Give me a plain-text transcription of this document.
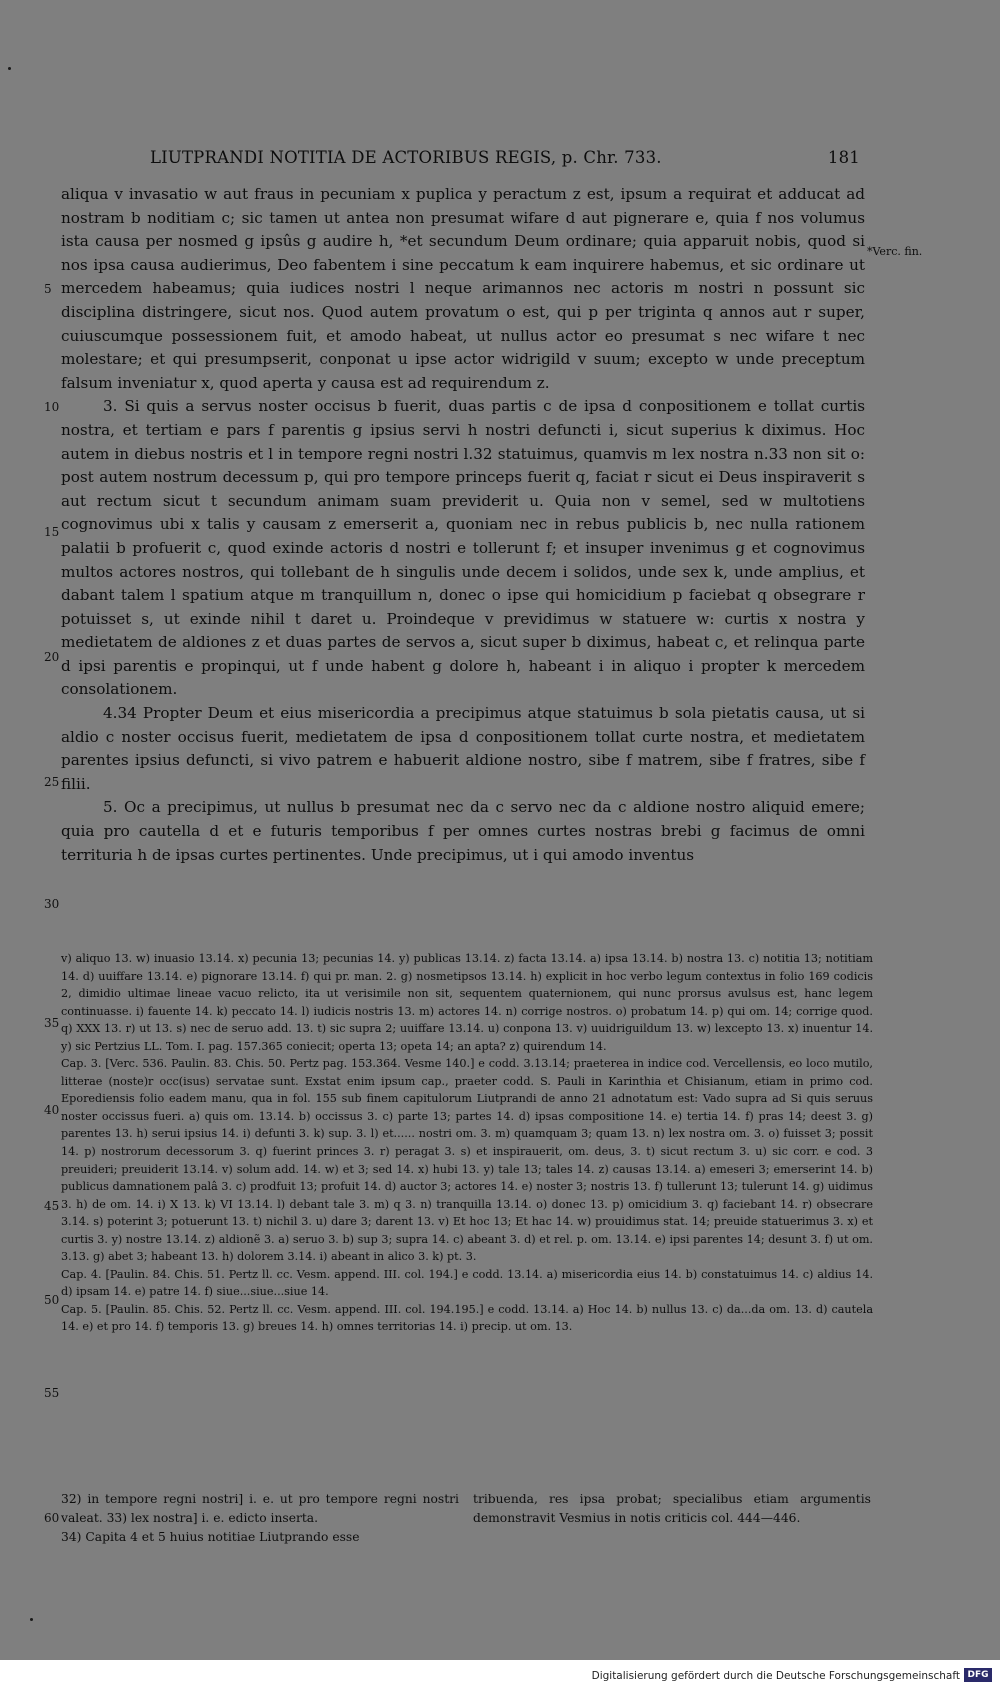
LIUTPRANDI NOTITIA DE ACTORIBUS REGIS, p. Chr. 733.	181
*Verc. fin.
5
10
15
20
25
30
35
40
45
50
55
60

aliqua v invasatio w aut fraus in pecuniam x puplica y peractum z est, ipsum a requirat et adducat ad nostram b noditiam c; sic tamen ut antea non presumat wifare d aut pignerare e, quia f nos volumus ista causa per nosmed g ipsûs g audire h, *et secundum Deum ordinare; quia apparuit nobis, quod si nos ipsa causa audierimus, Deo fabentem i sine peccatum k eam inquirere habemus, et sic ordinare ut mercedem habeamus; quia iudices nostri l neque arimannos nec actoris m nostri n possunt sic disciplina distringere, sicut nos. Quod autem provatum o est, qui p per triginta q annos aut r super, cuiuscumque possessionem fuit, et amodo habeat, ut nullus actor eo presumat s nec wifare t nec molestare; et qui presumpserit, conponat u ipse actor widrigild v suum; excepto w unde preceptum falsum inveniatur x, quod aperta y causa est ad requirendum z.

3. Si quis a servus noster occisus b fuerit, duas partis c de ipsa d conpositionem e tollat curtis nostra, et tertiam e pars f parentis g ipsius servi h nostri defuncti i, sicut superius k diximus. Hoc autem in diebus nostris et l in tempore regni nostri l.32 statuimus, quamvis m lex nostra n.33 non sit o: post autem nostrum decessum p, qui pro tempore princeps fuerit q, faciat r sicut ei Deus inspiraverit s aut rectum sicut t secundum animam suam previderit u. Quia non v semel, sed w multotiens cognovimus ubi x talis y causam z emerserit a, quoniam nec in rebus publicis b, nec nulla rationem palatii b profuerit c, quod exinde actoris d nostri e tollerunt f; et insuper invenimus g et cognovimus multos actores nostros, qui tollebant de h singulis unde decem i solidos, unde sex k, unde amplius, et dabant talem l spatium atque m tranquillum n, donec o ipse qui homicidium p faciebat q obsegrare r potuisset s, ut exinde nihil t daret u. Proindeque v previdimus w statuere w: curtis x nostra y medietatem de aldiones z et duas partes de servos a, sicut super b diximus, habeat c, et relinqua parte d ipsi parentis e propinqui, ut f unde habent g dolore h, habeant i in aliquo i propter k mercedem consolationem.

4.34 Propter Deum et eius misericordia a precipimus atque statuimus b sola pietatis causa, ut si aldio c noster occisus fuerit, medietatem de ipsa d conpositionem tollat curte nostra, et medietatem parentes ipsius defuncti, si vivo patrem e habuerit aldione nostro, sibe f matrem, sibe f fratres, sibe f filii.

5. Oc a precipimus, ut nullus b presumat nec da c servo nec da c aldione nostro aliquid emere; quia pro cautella d et e futuris temporibus f per omnes curtes nostras brebi g facimus de omni territuria h de ipsas curtes pertinentes. Unde precipimus, ut i qui amodo inventus

v) aliquo 13. w) inuasio 13.14. x) pecunia 13; pecunias 14. y) publicas 13.14. z) facta 13.14. a) ipsa 13.14. b) nostra 13. c) notitia 13; notitiam 14. d) uuiffare 13.14. e) pignorare 13.14. f) qui pr. man. 2. g) nosmetipsos 13.14. h) explicit in hoc verbo legum contextus in folio 169 codicis 2, dimidio ultimae lineae vacuo relicto, ita ut verisimile non sit, sequentem quaternionem, qui nunc prorsus avulsus est, hanc legem continuasse. i) fauente 14. k) peccato 14. l) iudicis nostris 13. m) actores 14. n) corrige nostros. o) probatum 14. p) qui om. 14; corrige quod. q) XXX 13. r) ut 13. s) nec de seruo add. 13. t) sic supra 2; uuiffare 13.14. u) conpona 13. v) uuidriguildum 13. w) lexcepto 13. x) inuentur 14. y) sic Pertzius LL. Tom. I. pag. 157.365 coniecit; operta 13; opeta 14; an apta? z) quirendum 14.

Cap. 3. [Verc. 536. Paulin. 83. Chis. 50. Pertz pag. 153.364. Vesme 140.] e codd. 3.13.14; praeterea in indice cod. Vercellensis, eo loco mutilo, litterae (noste)r occ(isus) servatae sunt. Exstat enim ipsum cap., praeter codd. S. Pauli in Karinthia et Chisianum, etiam in primo cod. Eporediensis folio eadem manu, qua in fol. 155 sub finem capitulorum Liutprandi de anno 21 adnotatum est: Vado supra ad Si quis seruus noster occissus fueri. a) quis om. 13.14. b) occissus 3. c) parte 13; partes 14. d) ipsas compositione 14. e) tertia 14. f) pras 14; deest 3. g) parentes 13. h) serui ipsius 14. i) defunti 3. k) sup. 3. l) et...... nostri om. 3. m) quamquam 3; quam 13. n) lex nostra om. 3. o) fuisset 3; possit 14. p) nostrorum decessorum 3. q) fuerint princes 3. r) peragat 3. s) et inspirauerit, om. deus, 3. t) sicut rectum 3. u) sic corr. e cod. 3 preuideri; preuiderit 13.14. v) solum add. 14. w) et 3; sed 14. x) hubi 13. y) tale 13; tales 14. z) causas 13.14. a) emeseri 3; emerserint 14. b) publicus damnationem palâ 3. c) prodfuit 13; profuit 14. d) auctor 3; actores 14. e) noster 3; nostris 13. f) tullerunt 13; tulerunt 14. g) uidimus 3. h) de om. 14. i) X 13. k) VI 13.14. l) debant tale 3. m) q 3. n) tranquilla 13.14. o) donec 13. p) omicidium 3. q) faciebant 14. r) obsecrare 3.14. s) poterint 3; potuerunt 13. t) nichil 3. u) dare 3; darent 13. v) Et hoc 13; Et hac 14. w) prouidimus stat. 14; preuide statuerimus 3. x) et curtis 3. y) nostre 13.14. z) aldionẽ 3. a) seruo 3. b) sup 3; supra 14. c) abeant 3. d) et rel. p. om. 13.14. e) ipsi parentes 14; desunt 3. f) ut om. 3.13. g) abet 3; habeant 13. h) dolorem 3.14. i) abeant in alico 3. k) pt. 3.

Cap. 4. [Paulin. 84. Chis. 51. Pertz ll. cc. Vesm. append. III. col. 194.] e codd. 13.14. a) misericordia eius 14. b) constatuimus 14. c) aldius 14. d) ipsam 14. e) patre 14. f) siue...siue...siue 14.

Cap. 5. [Paulin. 85. Chis. 52. Pertz ll. cc. Vesm. append. III. col. 194.195.] e codd. 13.14. a) Hoc 14. b) nullus 13. c) da...da om. 13. d) cautela 14. e) et pro 14. f) temporis 13. g) breues 14. h) omnes territorias 14. i) precip. ut om. 13.

32) in tempore regni nostri] i. e. ut pro tempore regni nostri valeat. 33) lex nostra] i. e. edicto inserta.

34) Capita 4 et 5 huius notitiae Liutprando esse

tribuenda, res ipsa probat; specialibus etiam argumentis demonstravit Vesmius in notis criticis col. 444—446.

Digitalisierung gefördert durch die Deutsche Forschungsgemeinschaft DFG
